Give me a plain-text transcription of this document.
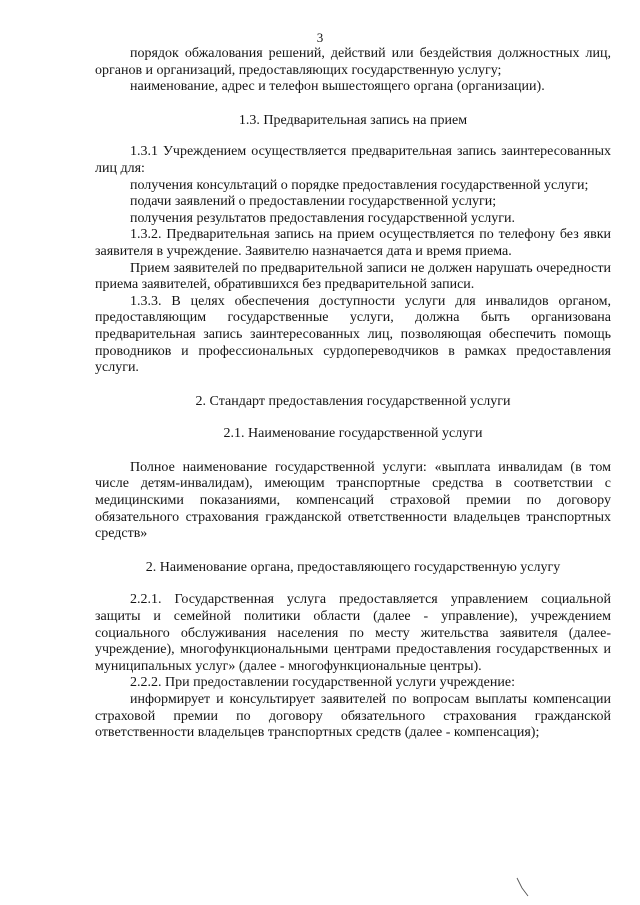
3

порядок обжалования решений, действий или бездействия должностных лиц, органов и организаций, предоставляющих государственную услугу;

наименование, адрес и телефон вышестоящего органа (организации).

1.3. Предварительная запись на прием

1.3.1 Учреждением осуществляется предварительная запись заинтересованных лиц для:

получения консультаций о порядке предоставления государственной услуги;

подачи заявлений о предоставлении государственной услуги;

получения результатов предоставления государственной услуги.

1.3.2. Предварительная запись на прием осуществляется по телефону без явки заявителя в учреждение. Заявителю назначается дата и время приема.

Прием заявителей по предварительной записи не должен нарушать очередности приема заявителей, обратившихся без предварительной записи.

1.3.3. В целях обеспечения доступности услуги для инвалидов органом, предоставляющим государственные услуги, должна быть организована предварительная запись заинтересованных лиц, позволяющая обеспечить помощь проводников и профессиональных сурдопереводчиков в рамках предоставления услуги.

2. Стандарт предоставления государственной услуги

2.1. Наименование государственной услуги

Полное наименование государственной услуги: «выплата инвалидам (в том числе детям-инвалидам), имеющим транспортные средства в соответствии с медицинскими показаниями, компенсаций страховой премии по договору обязательного страхования гражданской ответственности владельцев транспортных средств»

2. Наименование органа, предоставляющего государственную услугу

2.2.1. Государственная услуга предоставляется управлением социальной защиты и семейной политики области (далее - управление), учреждением социального обслуживания населения по месту жительства заявителя (далее- учреждение), многофункциональными центрами предоставления государственных и муниципальных услуг» (далее - многофункциональные центры).

2.2.2. При предоставлении государственной услуги учреждение:

информирует и консультирует заявителей по вопросам выплаты компенсации страховой премии по договору обязательного страхования гражданской ответственности владельцев транспортных средств (далее - компенсация);
